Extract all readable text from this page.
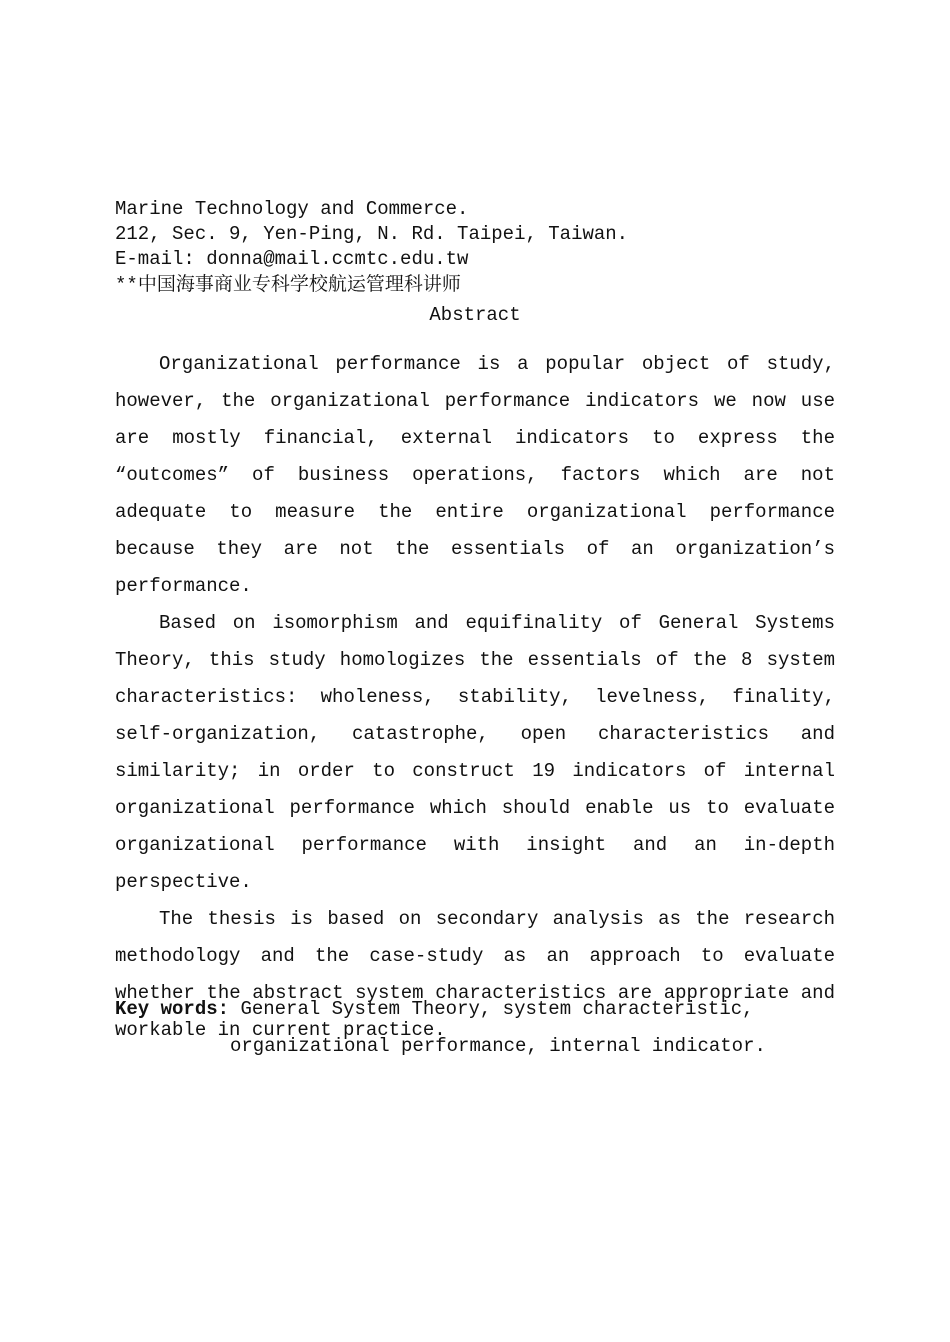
Marine Technology and Commerce.
212, Sec. 9, Yen-Ping, N. Rd. Taipei, Taiwan.
E-mail: donna@mail.ccmtc.edu.tw
**中国海事商业专科学校航运管理科讲师
Abstract

Organizational performance is a popular object of study, however, the organizational performance indicators we now use are mostly financial, external indicators to express the “outcomes” of business operations, factors which are not adequate to measure the entire organizational performance because they are not the essentials of an organization’s performance.

Based on isomorphism and equifinality of General Systems Theory, this study homologizes the essentials of the 8 system characteristics: wholeness, stability, levelness, finality, self-organization, catastrophe, open characteristics and similarity; in order to construct 19 indicators of internal organizational performance which should enable us to evaluate organizational performance with insight and an in-depth perspective.

The thesis is based on secondary analysis as the research methodology and the case-study as an approach to evaluate whether the abstract system characteristics are appropriate and workable in current practice.

Key words: General System Theory, system characteristic,
organizational performance, internal indicator.
